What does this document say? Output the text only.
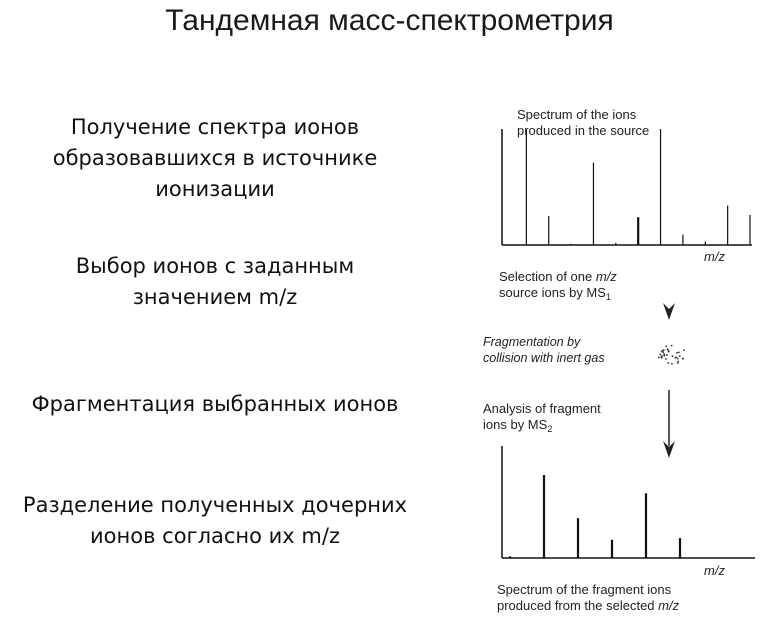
Тандемная масс-спектрометрия
Получение спектра ионов
образовавшихся в источнике
ионизации
Выбор ионов с заданным
значением m/z
Фрагментация выбранных ионов
Разделение полученных дочерних
ионов согласно их m/z
Spectrum of the ions
produced in the source
m/z
Selection of one m/z
source ions by $MS_1$
Fragmentation by
collision with inert gas
Analysis of fragment
ions by $MS_2$
m/z
Spectrum of the fragment ions
produced from the selected m/z
